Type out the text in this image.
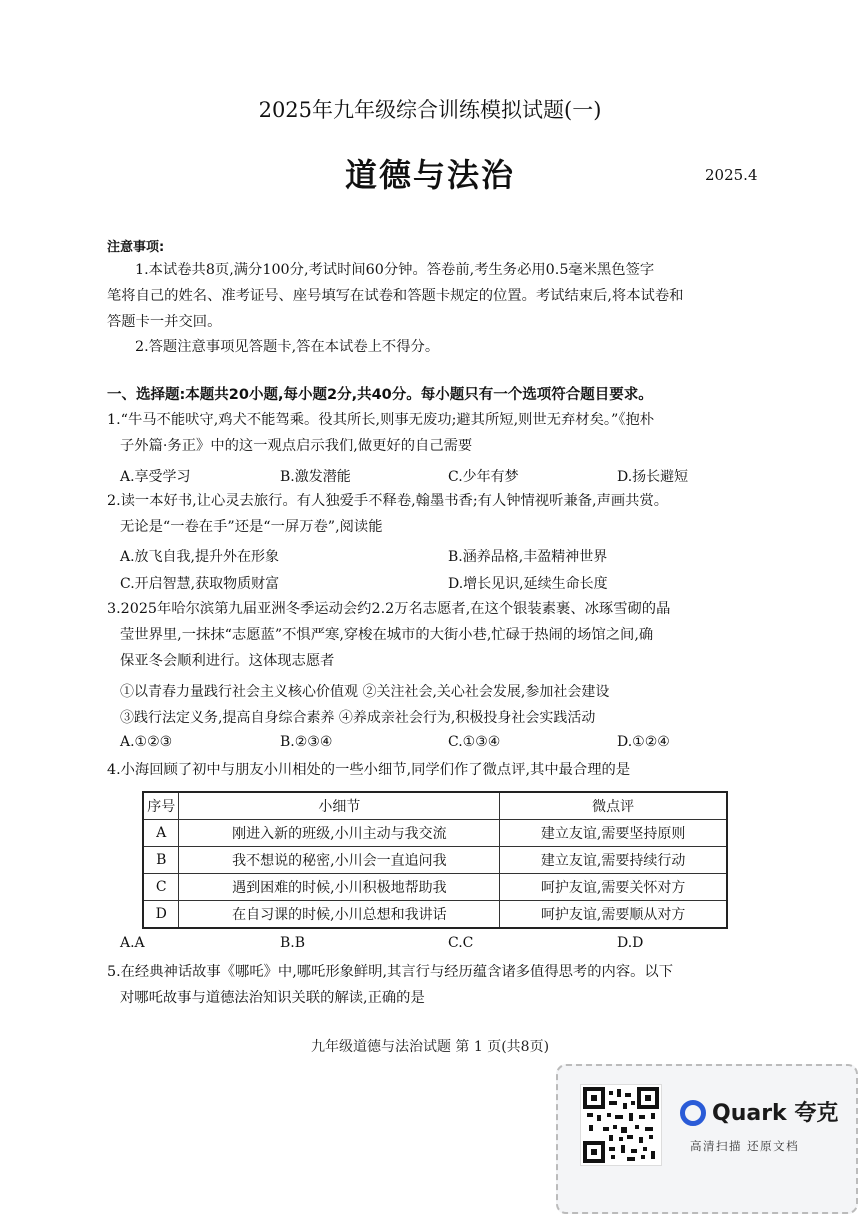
2025年九年级综合训练模拟试题(一)
道德与法治	2025.4
注意事项:
1.本试卷共8页,满分100分,考试时间60分钟。答卷前,考生务必用0.5毫米黑色签字
笔将自己的姓名、准考证号、座号填写在试卷和答题卡规定的位置。考试结束后,将本试卷和
答题卡一并交回。
2.答题注意事项见答题卡,答在本试卷上不得分。
一、选择题:本题共20小题,每小题2分,共40分。每小题只有一个选项符合题目要求。
1.“牛马不能吠守,鸡犬不能驾乘。役其所长,则事无废功;避其所短,则世无弃材矣。”《抱朴
子外篇·务正》中的这一观点启示我们,做更好的自己需要
A.享受学习	B.激发潜能	C.少年有梦	D.扬长避短
2.读一本好书,让心灵去旅行。有人独爱手不释卷,翰墨书香;有人钟情视听兼备,声画共赏。
无论是“一卷在手”还是“一屏万卷”,阅读能
A.放飞自我,提升外在形象	B.涵养品格,丰盈精神世界
C.开启智慧,获取物质财富	D.增长见识,延续生命长度
3.2025年哈尔滨第九届亚洲冬季运动会约2.2万名志愿者,在这个银装素裹、冰琢雪砌的晶
莹世界里,一抹抹“志愿蓝”不惧严寒,穿梭在城市的大街小巷,忙碌于热闹的场馆之间,确
保亚冬会顺利进行。这体现志愿者
①以青春力量践行社会主义核心价值观 ②关注社会,关心社会发展,参加社会建设
③践行法定义务,提高自身综合素养 ④养成亲社会行为,积极投身社会实践活动
A.①②③	B.②③④	C.①③④	D.①②④
4.小海回顾了初中与朋友小川相处的一些小细节,同学们作了微点评,其中最合理的是
序号	小细节	微点评
A	刚进入新的班级,小川主动与我交流	建立友谊,需要坚持原则
B	我不想说的秘密,小川会一直追问我	建立友谊,需要持续行动
C	遇到困难的时候,小川积极地帮助我	呵护友谊,需要关怀对方
D	在自习课的时候,小川总想和我讲话	呵护友谊,需要顺从对方
A.A	B.B	C.C	D.D
5.在经典神话故事《哪吒》中,哪吒形象鲜明,其言行与经历蕴含诸多值得思考的内容。以下
对哪吒故事与道德法治知识关联的解读,正确的是
九年级道德与法治试题 第 1 页(共8页)
Quark 夸克
高清扫描 还原文档
